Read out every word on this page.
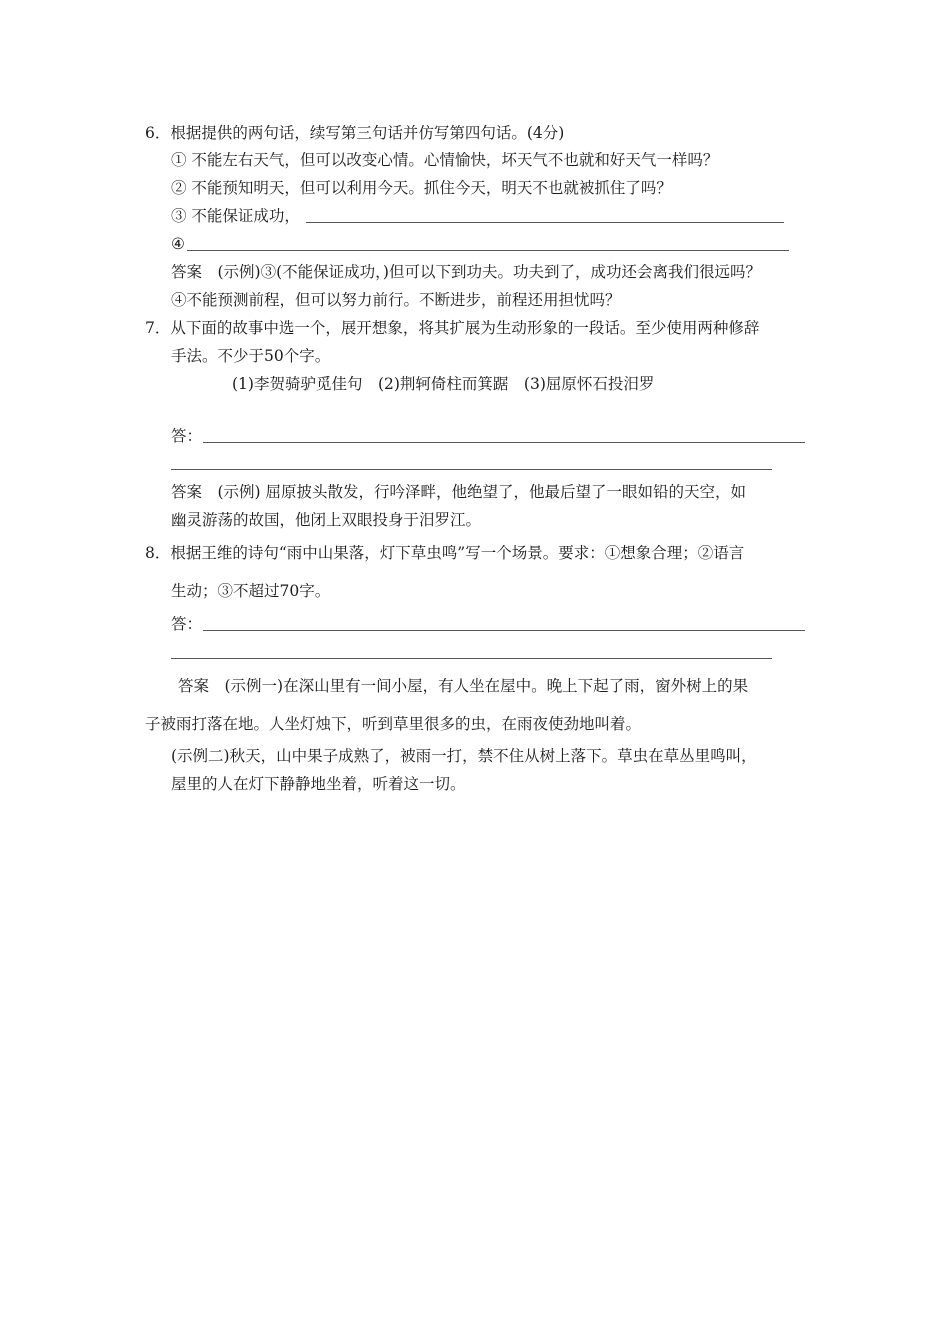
6．根据提供的两句话，续写第三句话并仿写第四句话。(4分)
① 不能左右天气，但可以改变心情。心情愉快，坏天气不也就和好天气一样吗？
② 不能预知明天，但可以利用今天。抓住今天，明天不也就被抓住了吗？
③ 不能保证成功，
④
答案　(示例)③(不能保证成功，)但可以下到功夫。功夫到了，成功还会离我们很远吗？
④不能预测前程，但可以努力前行。不断进步，前程还用担忧吗？
7．从下面的故事中选一个，展开想象，将其扩展为生动形象的一段话。至少使用两种修辞
手法。不少于50个字。
(1)李贺骑驴觅佳句　(2)荆轲倚柱而箕踞　(3)屈原怀石投汨罗
答：
答案　(示例) 屈原披头散发，行吟泽畔，他绝望了，他最后望了一眼如铅的天空，如
幽灵游荡的故国，他闭上双眼投身于汨罗江。
8．根据王维的诗句“雨中山果落，灯下草虫鸣”写一个场景。要求：①想象合理；②语言
生动；③不超过70字。
答：
答案　(示例一)在深山里有一间小屋，有人坐在屋中。晚上下起了雨，窗外树上的果
子被雨打落在地。人坐灯烛下，听到草里很多的虫，在雨夜使劲地叫着。
(示例二)秋天，山中果子成熟了，被雨一打，禁不住从树上落下。草虫在草丛里鸣叫，
屋里的人在灯下静静地坐着，听着这一切。
